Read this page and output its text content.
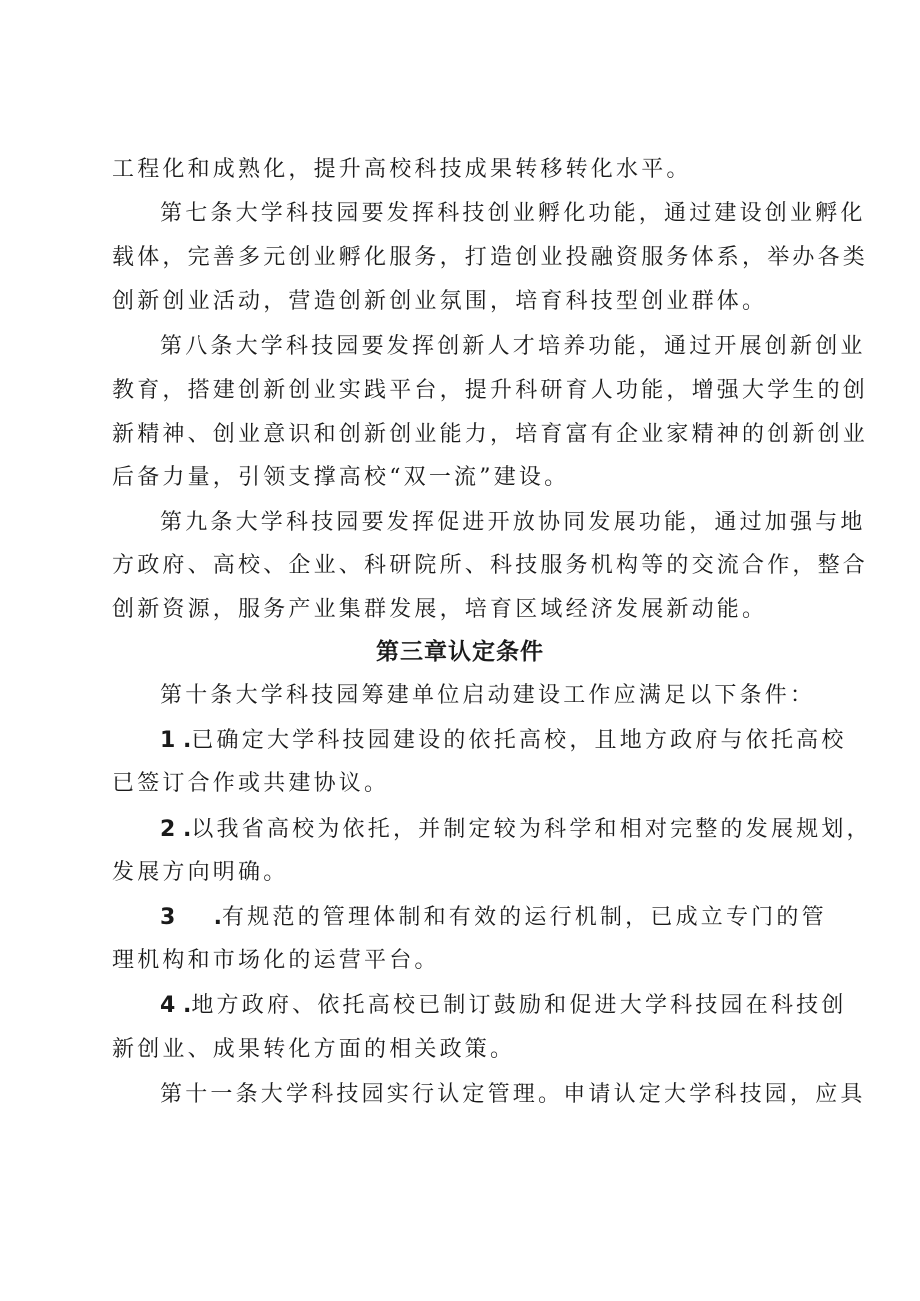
工程化和成熟化，提升高校科技成果转移转化水平。
第七条大学科技园要发挥科技创业孵化功能，通过建设创业孵化
载体，完善多元创业孵化服务，打造创业投融资服务体系，举办各类
创新创业活动，营造创新创业氛围，培育科技型创业群体。
第八条大学科技园要发挥创新人才培养功能，通过开展创新创业
教育，搭建创新创业实践平台，提升科研育人功能，增强大学生的创
新精神、创业意识和创新创业能力，培育富有企业家精神的创新创业
后备力量，引领支撑高校“双一流”建设。
第九条大学科技园要发挥促进开放协同发展功能，通过加强与地
方政府、高校、企业、科研院所、科技服务机构等的交流合作，整合
创新资源，服务产业集群发展，培育区域经济发展新动能。
第三章认定条件
第十条大学科技园筹建单位启动建设工作应满足以下条件：
1 .已确定大学科技园建设的依托高校，且地方政府与依托高校
已签订合作或共建协议。
2 .以我省高校为依托，并制定较为科学和相对完整的发展规划，
发展方向明确。
3     .有规范的管理体制和有效的运行机制，已成立专门的管
理机构和市场化的运营平台。
4 .地方政府、依托高校已制订鼓励和促进大学科技园在科技创
新创业、成果转化方面的相关政策。
第十一条大学科技园实行认定管理。申请认定大学科技园，应具
